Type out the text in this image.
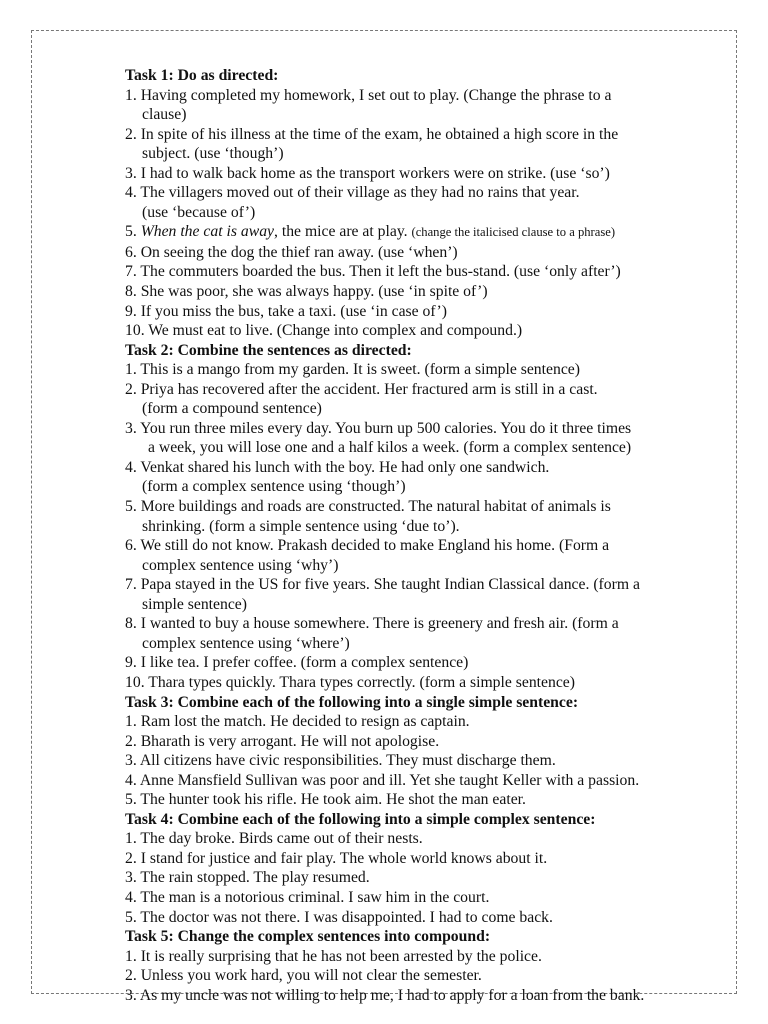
Task 1: Do as directed:
1. Having completed my homework, I set out to play. (Change the phrase to a
clause)
2. In spite of his illness at the time of the exam, he obtained a high score in the
subject. (use ‘though’)
3. I had to walk back home as the transport workers were on strike. (use ‘so’)
4. The villagers moved out of their village as they had no rains that year.
(use ‘because of’)
5. When the cat is away, the mice are at play. (change the italicised clause to a phrase)
6. On seeing the dog the thief ran away. (use ‘when’)
7. The commuters boarded the bus. Then it left the bus-stand. (use ‘only after’)
8. She was poor, she was always happy. (use ‘in spite of’)
9. If you miss the bus, take a taxi. (use ‘in case of’)
10. We must eat to live. (Change into complex and compound.)
Task 2: Combine the sentences as directed:
1. This is a mango from my garden. It is sweet. (form a simple sentence)
2. Priya has recovered after the accident. Her fractured arm is still in a cast.
(form a compound sentence)
3. You run three miles every day. You burn up 500 calories. You do it three times
a week, you will lose one and a half kilos a week. (form a complex sentence)
4. Venkat shared his lunch with the boy. He had only one sandwich.
(form a complex sentence using ‘though’)
5. More buildings and roads are constructed. The natural habitat of animals is
shrinking. (form a simple sentence using ‘due to’).
6. We still do not know. Prakash decided to make England his home. (Form a
complex sentence using ‘why’)
7. Papa stayed in the US for five years. She taught Indian Classical dance. (form a
simple sentence)
8. I wanted to buy a house somewhere. There is greenery and fresh air. (form a
complex sentence using ‘where’)
9. I like tea. I prefer coffee. (form a complex sentence)
10. Thara types quickly. Thara types correctly. (form a simple sentence)
Task 3: Combine each of the following into a single simple sentence:
1. Ram lost the match. He decided to resign as captain.
2. Bharath is very arrogant. He will not apologise.
3. All citizens have civic responsibilities. They must discharge them.
4. Anne Mansfield Sullivan was poor and ill. Yet she taught Keller with a passion.
5. The hunter took his rifle. He took aim. He shot the man eater.
Task 4: Combine each of the following into a simple complex sentence:
1. The day broke. Birds came out of their nests.
2. I stand for justice and fair play. The whole world knows about it.
3. The rain stopped. The play resumed.
4. The man is a notorious criminal. I saw him in the court.
5. The doctor was not there. I was disappointed. I had to come back.
Task 5: Change the complex sentences into compound:
1. It is really surprising that he has not been arrested by the police.
2. Unless you work hard, you will not clear the semester.
3. As my uncle was not willing to help me, I had to apply for a loan from the bank.
